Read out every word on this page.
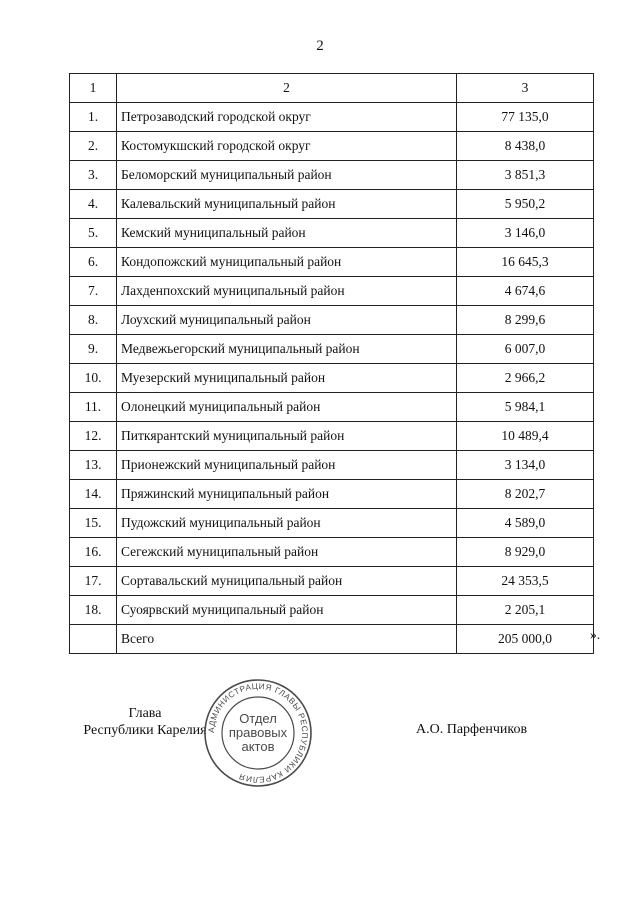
2
1	2	3
1.	Петрозаводский городской округ	77 135,0
2.	Костомукшский городской округ	8 438,0
3.	Беломорский муниципальный район	3 851,3
4.	Калевальский муниципальный район	5 950,2
5.	Кемский муниципальный район	3 146,0
6.	Кондопожский муниципальный район	16 645,3
7.	Лахденпохский муниципальный район	4 674,6
8.	Лоухский муниципальный район	8 299,6
9.	Медвежьегорский муниципальный район	6 007,0
10.	Муезерский муниципальный район	2 966,2
11.	Олонецкий муниципальный район	5 984,1
12.	Питкярантский муниципальный район	10 489,4
13.	Прионежский муниципальный район	3 134,0
14.	Пряжинский муниципальный район	8 202,7
15.	Пудожский муниципальный район	4 589,0
16.	Сегежский муниципальный район	8 929,0
17.	Сортавальский муниципальный район	24 353,5
18.	Суоярвский муниципальный район	2 205,1
	Всего	205 000,0	».
Глава
Республики Карелия АДМИНИСТРАЦИЯ ГЛАВЫ РЕСПУБЛИКИ КАРЕЛИЯ
Отдел
правовых
актов
А.О. Парфенчиков
